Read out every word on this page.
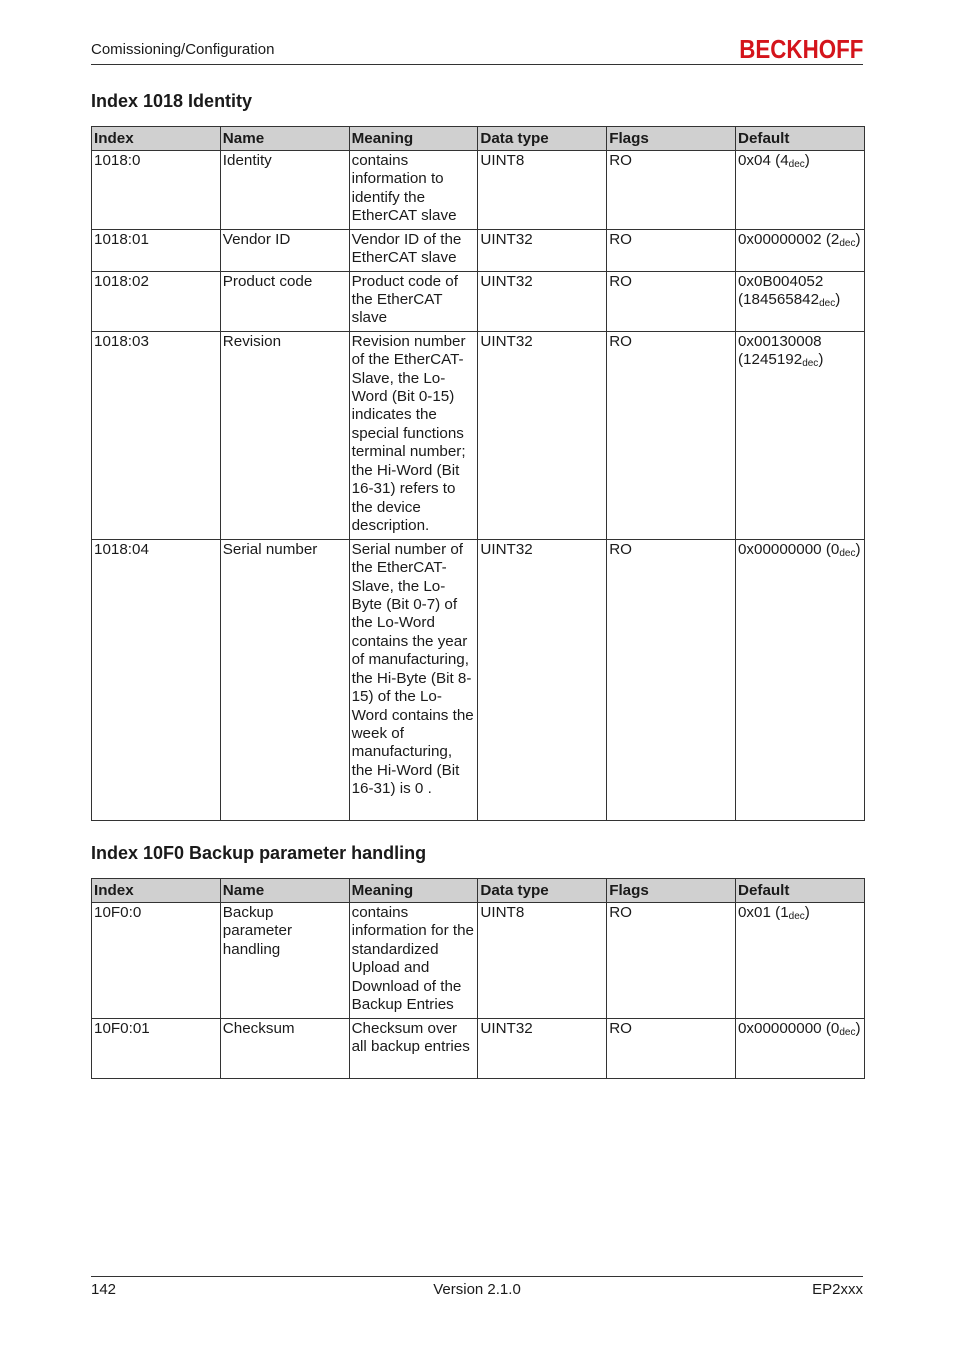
Comissioning/Configuration	BECKHOFF
Index 1018 Identity
Index	Name	Meaning	Data type	Flags	Default
1018:0	Identity	contains information to identify the EtherCAT slave	UINT8	RO	0x04 $(4_{dec})$
1018:01	Vendor ID	Vendor ID of the EtherCAT slave	UINT32	RO	0x00000002 $(2_{dec})$
1018:02	Product code	Product code of the EtherCAT slave	UINT32	RO	0x0B004052 $(184565842_{dec})$
1018:03	Revision	Revision number of the EtherCAT-Slave, the Lo-Word (Bit 0-15) indicates the special functions terminal number; the Hi-Word (Bit 16-31) refers to the device description.	UINT32	RO	0x00130008 $(1245192_{dec})$
1018:04	Serial number	Serial number of the EtherCAT-Slave, the Lo-Byte (Bit 0-7) of the Lo-Word contains the year of manufacturing, the Hi-Byte (Bit 8-15) of the Lo-Word contains the week of manufacturing, the Hi-Word (Bit 16-31) is 0 .	UINT32	RO	0x00000000 $(0_{dec})$
Index 10F0 Backup parameter handling
Index	Name	Meaning	Data type	Flags	Default
10F0:0	Backup parameter handling	contains information for the standardized Upload and Download of the Backup Entries	UINT8	RO	0x01 $(1_{dec})$
10F0:01	Checksum	Checksum over all backup entries	UINT32	RO	0x00000000 $(0_{dec})$
142	Version 2.1.0	EP2xxx
